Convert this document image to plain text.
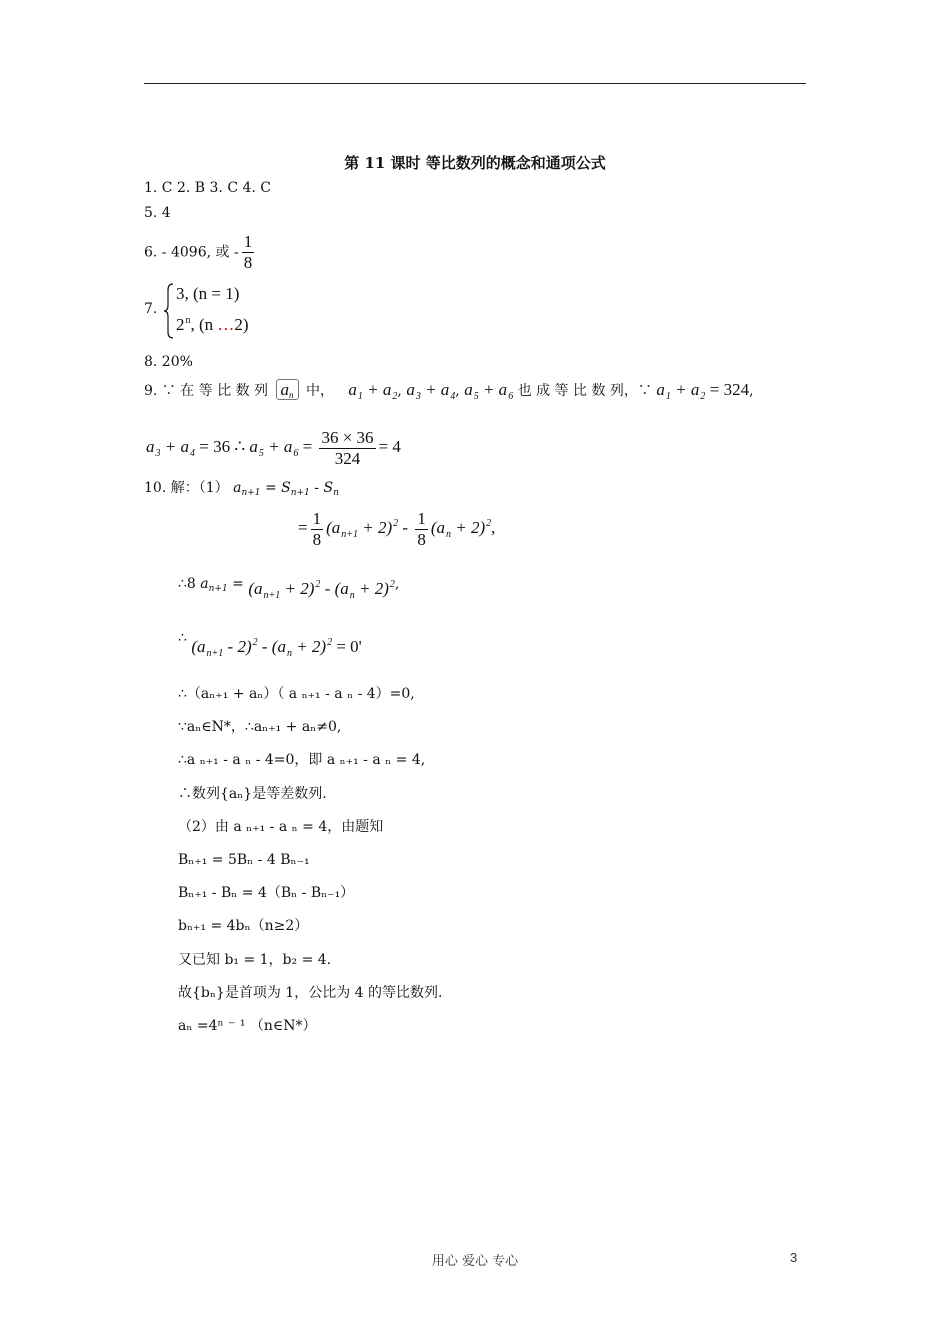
第 11 课时 等比数列的概念和通项公式
1. C 2. B 3. C 4. C
5. 4
6. - 4096, 或 - $\frac{1}{8}$
7.
3, (n = 1)
2$^n$, (n …2)
8. 20%
9. ∵ 在 等 比 数 列 an 中， $a_1 + a_2$, $a_3 + a_4$, $a_5 + a_6$ 也 成 等 比 数 列，∵ $a_1 + a_2 = 324$,
$a_3 + a_4 = 36$ ∴ $a_5 + a_6 = \frac{36 \times 36}{324} = 4$
10. 解：（1） $a_{n+1} = S_{n+1} - S_n$
= $\frac{1}{8} (a_{n+1} + 2)^2 - \frac{1}{8} (a_n + 2)^2$,
∴8 $a_{n+1} = (a_{n+1} + 2)^2 - (a_n + 2)^2$,
∴ $(a_{n+1} - 2)^2 - (a_n + 2)^2 = 0'$
∴（aₙ₊₁ + aₙ）（ a ₙ₊₁ - a ₙ - 4）=0,
∵aₙ∈N*，∴aₙ₊₁ + aₙ≠0,
∴a ₙ₊₁ - a ₙ - 4=0，即 a ₙ₊₁ - a ₙ = 4,
∴数列{aₙ}是等差数列.
（2）由 a ₙ₊₁ - a ₙ = 4，由题知
Bₙ₊₁ = 5Bₙ - 4 Bₙ₋₁
Bₙ₊₁ - Bₙ = 4（Bₙ - Bₙ₋₁）
bₙ₊₁ = 4bₙ（n≥2）
又已知 b₁ = 1，b₂ = 4.
故{bₙ}是首项为 1，公比为 4 的等比数列.
aₙ =4ⁿ ⁻ ¹ （n∈N*）
用心 爱心 专心	3
